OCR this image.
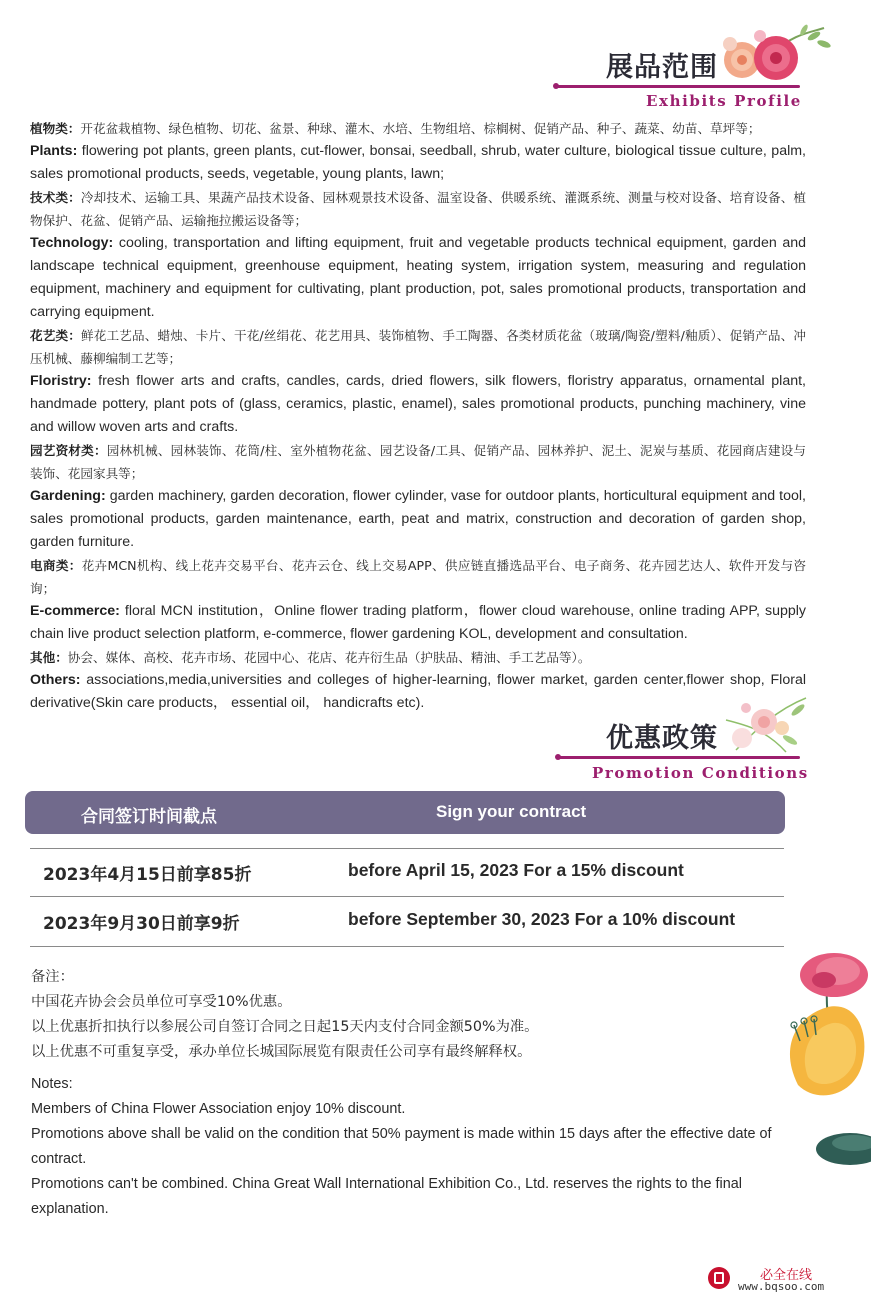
展品范围
Exhibits Profile

植物类：开花盆栽植物、绿色植物、切花、盆景、种球、灌木、水培、生物组培、棕榈树、促销产品、种子、蔬菜、幼苗、草坪等；

Plants: flowering pot plants, green plants, cut-flower, bonsai, seedball, shrub, water culture, biological tissue culture, palm, sales promotional products, seeds, vegetable, young plants, lawn;

技术类：冷却技术、运输工具、果蔬产品技术设备、园林观景技术设备、温室设备、供暖系统、灌溉系统、测量与校对设备、培育设备、植物保护、花盆、促销产品、运输拖拉搬运设备等；

Technology: cooling, transportation and lifting equipment, fruit and vegetable products technical equipment, garden and landscape technical equipment, greenhouse equipment, heating system, irrigation system, measuring and regulation equipment, machinery and equipment for cultivating, plant production, pot, sales promotional products, transportation and carrying equipment.

花艺类：鲜花工艺品、蜡烛、卡片、干花/丝绢花、花艺用具、装饰植物、手工陶器、各类材质花盆（玻璃/陶瓷/塑料/釉质）、促销产品、冲压机械、藤柳编制工艺等；

Floristry: fresh flower arts and crafts, candles, cards, dried flowers, silk flowers, floristry apparatus, ornamental plant, handmade pottery, plant pots of (glass, ceramics, plastic, enamel), sales promotional products, punching machinery, vine and willow woven arts and crafts.

园艺资材类：园林机械、园林装饰、花筒/柱、室外植物花盆、园艺设备/工具、促销产品、园林养护、泥土、泥炭与基质、花园商店建设与装饰、花园家具等；

Gardening: garden machinery, garden decoration, flower cylinder, vase for outdoor plants, horticultural equipment and tool, sales promotional products, garden maintenance, earth, peat and matrix, construction and decoration of garden shop, garden furniture.

电商类：花卉MCN机构、线上花卉交易平台、花卉云仓、线上交易APP、供应链直播选品平台、电子商务、花卉园艺达人、软件开发与咨询；

E-commerce: floral MCN institution，Online flower trading platform，flower cloud warehouse, online trading APP, supply chain live product selection platform, e-commerce, flower gardening KOL, development and consultation.

其他：协会、媒体、高校、花卉市场、花园中心、花店、花卉衍生品（护肤品、精油、手工艺品等）。

Others: associations,media,universities and colleges of higher-learning, flower market, garden center,flower shop, Floral derivative(Skin care products， essential oil， handicrafts etc).

优惠政策
Promotion Conditions
合同签订时间截点	Sign your contract
2023年4月15日前享85折	before April 15, 2023 For a 15% discount
2023年9月30日前享9折	before September 30, 2023 For a 10% discount
备注：
中国花卉协会会员单位可享受10%优惠。
以上优惠折扣执行以参展公司自签订合同之日起15天内支付合同金额50%为准。
以上优惠不可重复享受，承办单位长城国际展览有限责任公司享有最终解释权。
Notes:
Members of China Flower Association enjoy 10% discount.
Promotions above shall be valid on the condition that 50% payment is made within 15 days after the effective date of contract.
Promotions can't be combined. China Great Wall International Exhibition Co., Ltd. reserves the rights to the final explanation.
必全在线
www.bqsoo.com
